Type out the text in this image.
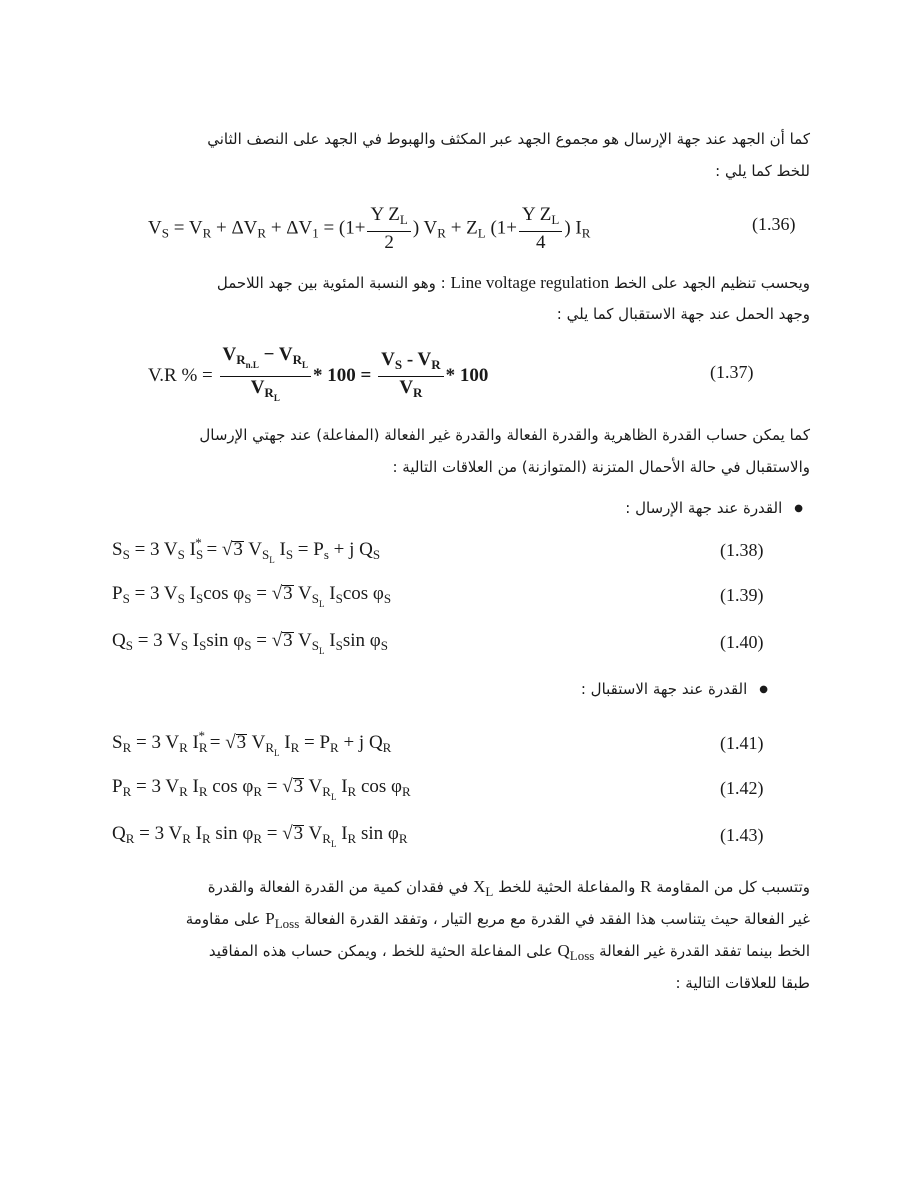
كما أن الجهد عند جهة الإرسال هو مجموع الجهد عبر المكثف والهبوط في الجهد على النصف الثاني
للخط كما يلي :
$V_S = V_R + \Delta V_R + \Delta V_1 = (1+ \frac{Y Z_L}{2}$ ) $V_R + Z_L$ ($1+ \frac{Y Z_L}{4}$ ) $I_R$	(1.36)
ويحسب تنظيم الجهد على الخط Line voltage regulation : وهو النسبة المئوية بين جهد اللاحمل
وجهد الحمل عند جهة الاستقبال كما يلي :
V.R % = $\frac{V_{R_{n.L}} - V_{R_L}}{V_{R_L}} * 100 = \frac{V_S - V_R}{V_R} * 100$	(1.37)
كما يمكن حساب القدرة الظاهرية والقدرة الفعالة والقدرة غير الفعالة (المفاعلة) عند جهتي الإرسال
والاستقبال في حالة الأحمال المتزنة (المتوازنة) من العلاقات التالية :
● القدرة عند جهة الإرسال :
$S_S = 3$ $V_S$ $I_S^* = √3$ $V_{S_L}$ $I_S = P_s + j$ $Q_S$	(1.38)
$P_S = 3$ $V_S$ $I_S\cos$ $\varphi_S = √3$ $V_{S_L}$ $I_S\cos$ $\varphi_S$	(1.39)
$Q_S = 3$ $V_S$ $I_S\sin$ $\varphi_S = √3$ $V_{S_L}$ $I_S\sin$ $\varphi_S$	(1.40)
● القدرة عند جهة الاستقبال :
$S_R = 3$ $V_R$ $I_R^* = √3$ $V_{R_L}$ $I_R = P_R + j$ $Q_R$	(1.41)
$P_R = 3$ $V_R$ $I_R$ $\cos \varphi_R = √3$ $V_{R_L}$ $I_R$ $\cos \varphi_R$	(1.42)
$Q_R = 3$ $V_R$ $I_R$ $\sin \varphi_R = √3$ $V_{R_L}$ $I_R$ $\sin \varphi_R$	(1.43)
وتتسبب كل من المقاومة R والمفاعلة الحثية للخط $X_L$ في فقدان كمية من القدرة الفعالة والقدرة
غير الفعالة حيث يتناسب هذا الفقد في القدرة مع مربع التيار ، وتفقد القدرة الفعالة $P_{Loss}$ على مقاومة
الخط بينما تفقد القدرة غير الفعالة $Q_{Loss}$ على المفاعلة الحثية للخط ، ويمكن حساب هذه المفاقيد
طبقا للعلاقات التالية :
